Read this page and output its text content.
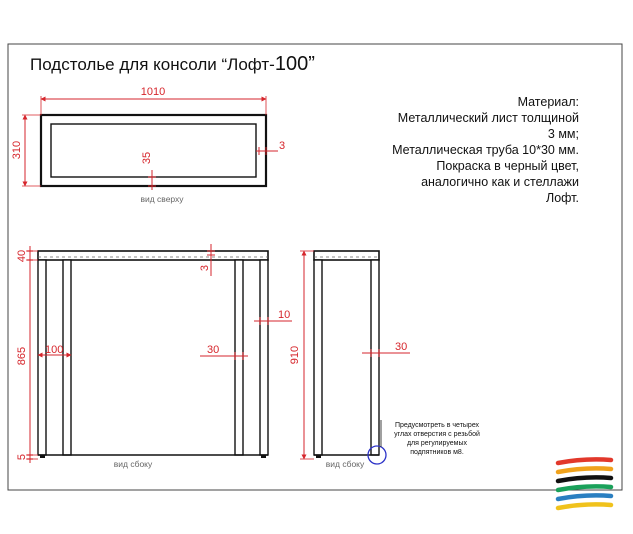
Подстолье для консоли “Лофт-100”
1010
310	35
3
вид сверху
40
865
5
3
10
100	30
вид сбоку
910	30
вид сбоку
Материал:
Металлический лист толщиной
3 мм;
Металлическая труба 10*30 мм.
Покраска в черный цвет,
аналогично как и стеллажи
Лофт.
Предусмотреть в четырех
углах отверстия с резьбой
для регулируемых
подпятников м8.
